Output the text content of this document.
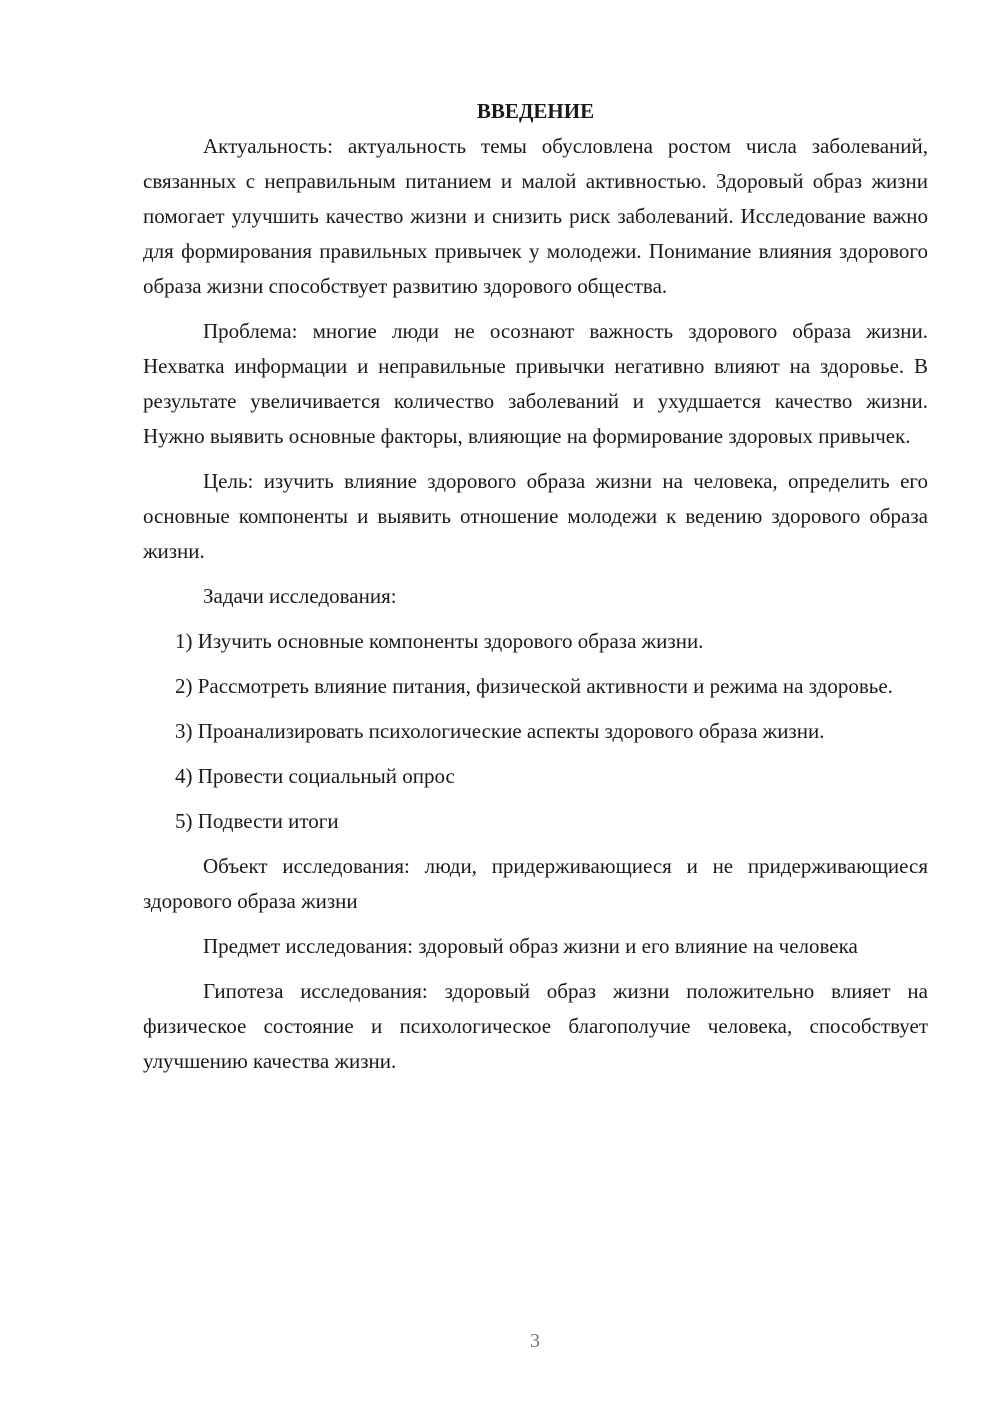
ВВЕДЕНИЕ

Актуальность: актуальность темы обусловлена ростом числа заболеваний, связанных с неправильным питанием и малой активностью. Здоровый образ жизни помогает улучшить качество жизни и снизить риск заболеваний. Исследование важно для формирования правильных привычек у молодежи. Понимание влияния здорового образа жизни способствует развитию здорового общества.

Проблема: многие люди не осознают важность здорового образа жизни. Нехватка информации и неправильные привычки негативно влияют на здоровье. В результате увеличивается количество заболеваний и ухудшается качество жизни. Нужно выявить основные факторы, влияющие на формирование здоровых привычек.

Цель: изучить влияние здорового образа жизни на человека, определить его основные компоненты и выявить отношение молодежи к ведению здорового образа жизни.

Задачи исследования:

1) Изучить основные компоненты здорового образа жизни.

2) Рассмотреть влияние питания, физической активности и режима на здоровье.

3) Проанализировать психологические аспекты здорового образа жизни.

4) Провести социальный опрос

5) Подвести итоги

Объект исследования: люди, придерживающиеся и не придерживающиеся здорового образа жизни

Предмет исследования: здоровый образ жизни и его влияние на человека

Гипотеза исследования: здоровый образ жизни положительно влияет на физическое состояние и психологическое благополучие человека, способствует улучшению качества жизни.

3
